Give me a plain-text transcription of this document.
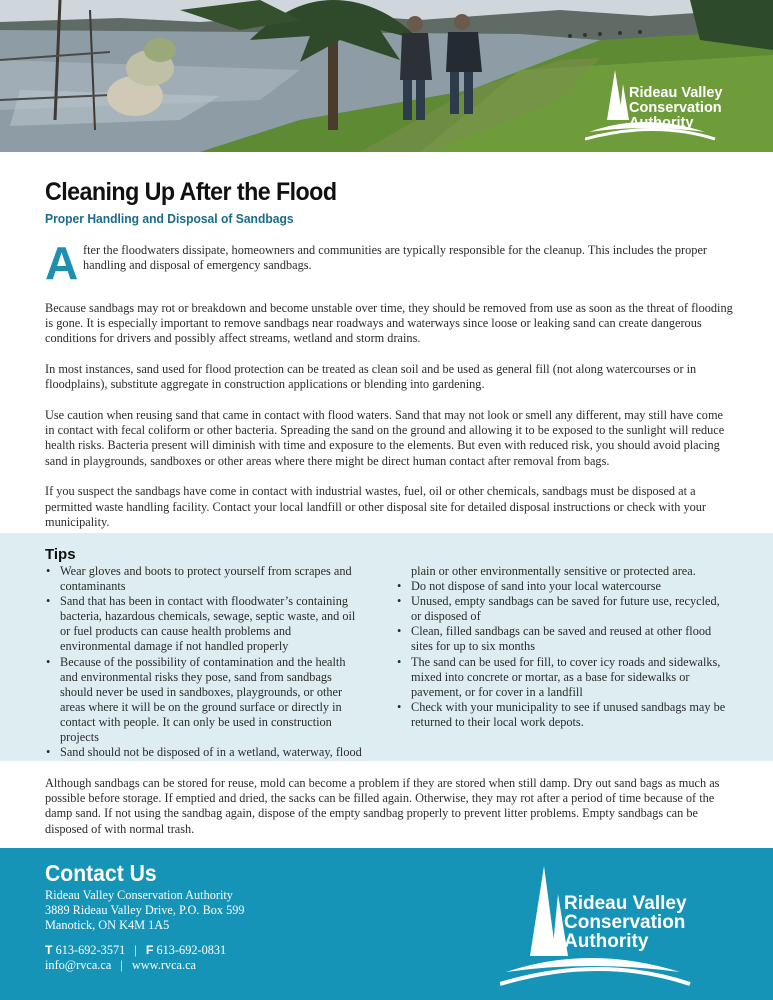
Rideau Valley
Conservation
Authority
Cleaning Up After the Flood
Proper Handling and Disposal of Sandbags
A fter the floodwaters dissipate, homeowners and communities are typically responsible for the cleanup. This includes the proper handling and disposal of emergency sandbags.

Because sandbags may rot or breakdown and become unstable over time, they should be removed from use as soon as the threat of flooding is gone. It is especially important to remove sandbags near roadways and waterways since loose or leaking sand can create dangerous conditions for drivers and possibly affect streams, wetland and storm drains.

In most instances, sand used for flood protection can be treated as clean soil and be used as general fill (not along watercourses or in floodplains), substitute aggregate in construction applications or blending into gardening.

Use caution when reusing sand that came in contact with flood waters. Sand that may not look or smell any different, may still have come in contact with fecal coliform or other bacteria. Spreading the sand on the ground and allowing it to be exposed to the sunlight will reduce health risks. Bacteria present will diminish with time and exposure to the elements. But even with reduced risk, you should avoid placing sand in playgrounds, sandboxes or other areas where there might be direct human contact after removal from bags.

If you suspect the sandbags have come in contact with industrial wastes, fuel, oil or other chemicals, sandbags must be disposed at a permitted waste handling facility. Contact your local landfill or other disposal site for detailed disposal instructions or check with your municipality.

Tips
• Wear gloves and boots to protect yourself from scrapes and contaminants
• Sand that has been in contact with floodwater’s containing bacteria, hazardous chemicals, sewage, septic waste, and oil or fuel products can cause health problems and environmental damage if not handled properly
• Because of the possibility of contamination and the health and environmental risks they pose, sand from sandbags should never be used in sandboxes, playgrounds, or other areas where it will be on the ground surface or directly in contact with people. It can only be used in construction projects
• Sand should not be disposed of in a wetland, waterway, flood
plain or other environmentally sensitive or protected area.
• Do not dispose of sand into your local watercourse
• Unused, empty sandbags can be saved for future use, recycled, or disposed of
• Clean, filled sandbags can be saved and reused at other flood sites for up to six months
• The sand can be used for fill, to cover icy roads and sidewalks, mixed into concrete or mortar, as a base for sidewalks or pavement, or for cover in a landfill
• Check with your municipality to see if unused sandbags may be returned to their local work depots.

Although sandbags can be stored for reuse, mold can become a problem if they are stored when still damp. Dry out sand bags as much as possible before storage. If emptied and dried, the sacks can be filled again. Otherwise, they may rot after a period of time because of the damp sand. If not using the sandbag again, dispose of the empty sandbag properly to prevent litter problems. Empty sandbags can be disposed of with normal trash.

Contact Us
Rideau Valley Conservation Authority
3889 Rideau Valley Drive, P.O. Box 599
Manotick, ON K4M 1A5
T 613-692-3571 | F 613-692-0831
info@rvca.ca | www.rvca.ca
Rideau Valley
Conservation
Authority
